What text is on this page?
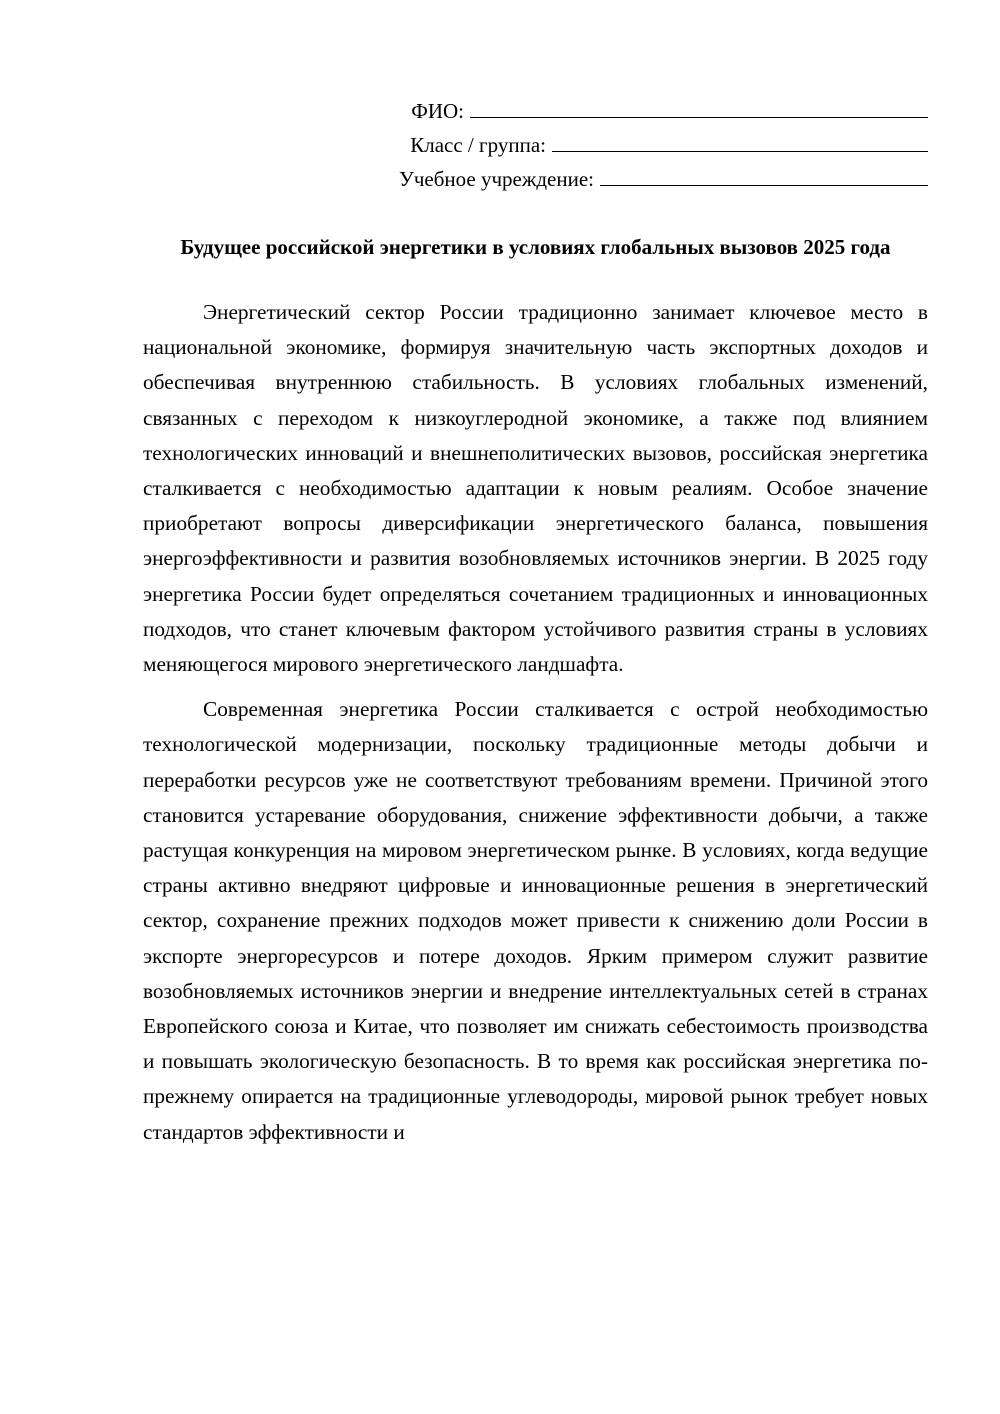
ФИО:
Класс / группа:
Учебное учреждение:
Будущее российской энергетики в условиях глобальных вызовов 2025 года

Энергетический сектор России традиционно занимает ключевое место в национальной экономике, формируя значительную часть экспортных доходов и обеспечивая внутреннюю стабильность. В условиях глобальных изменений, связанных с переходом к низкоуглеродной экономике, а также под влиянием технологических инноваций и внешнеполитических вызовов, российская энергетика сталкивается с необходимостью адаптации к новым реалиям. Особое значение приобретают вопросы диверсификации энергетического баланса, повышения энергоэффективности и развития возобновляемых источников энергии. В 2025 году энергетика России будет определяться сочетанием традиционных и инновационных подходов, что станет ключевым фактором устойчивого развития страны в условиях меняющегося мирового энергетического ландшафта.

Современная энергетика России сталкивается с острой необходимостью технологической модернизации, поскольку традиционные методы добычи и переработки ресурсов уже не соответствуют требованиям времени. Причиной этого становится устаревание оборудования, снижение эффективности добычи, а также растущая конкуренция на мировом энергетическом рынке. В условиях, когда ведущие страны активно внедряют цифровые и инновационные решения в энергетический сектор, сохранение прежних подходов может привести к снижению доли России в экспорте энергоресурсов и потере доходов. Ярким примером служит развитие возобновляемых источников энергии и внедрение интеллектуальных сетей в странах Европейского союза и Китае, что позволяет им снижать себестоимость производства и повышать экологическую безопасность. В то время как российская энергетика по-прежнему опирается на традиционные углеводороды, мировой рынок требует новых стандартов эффективности и
